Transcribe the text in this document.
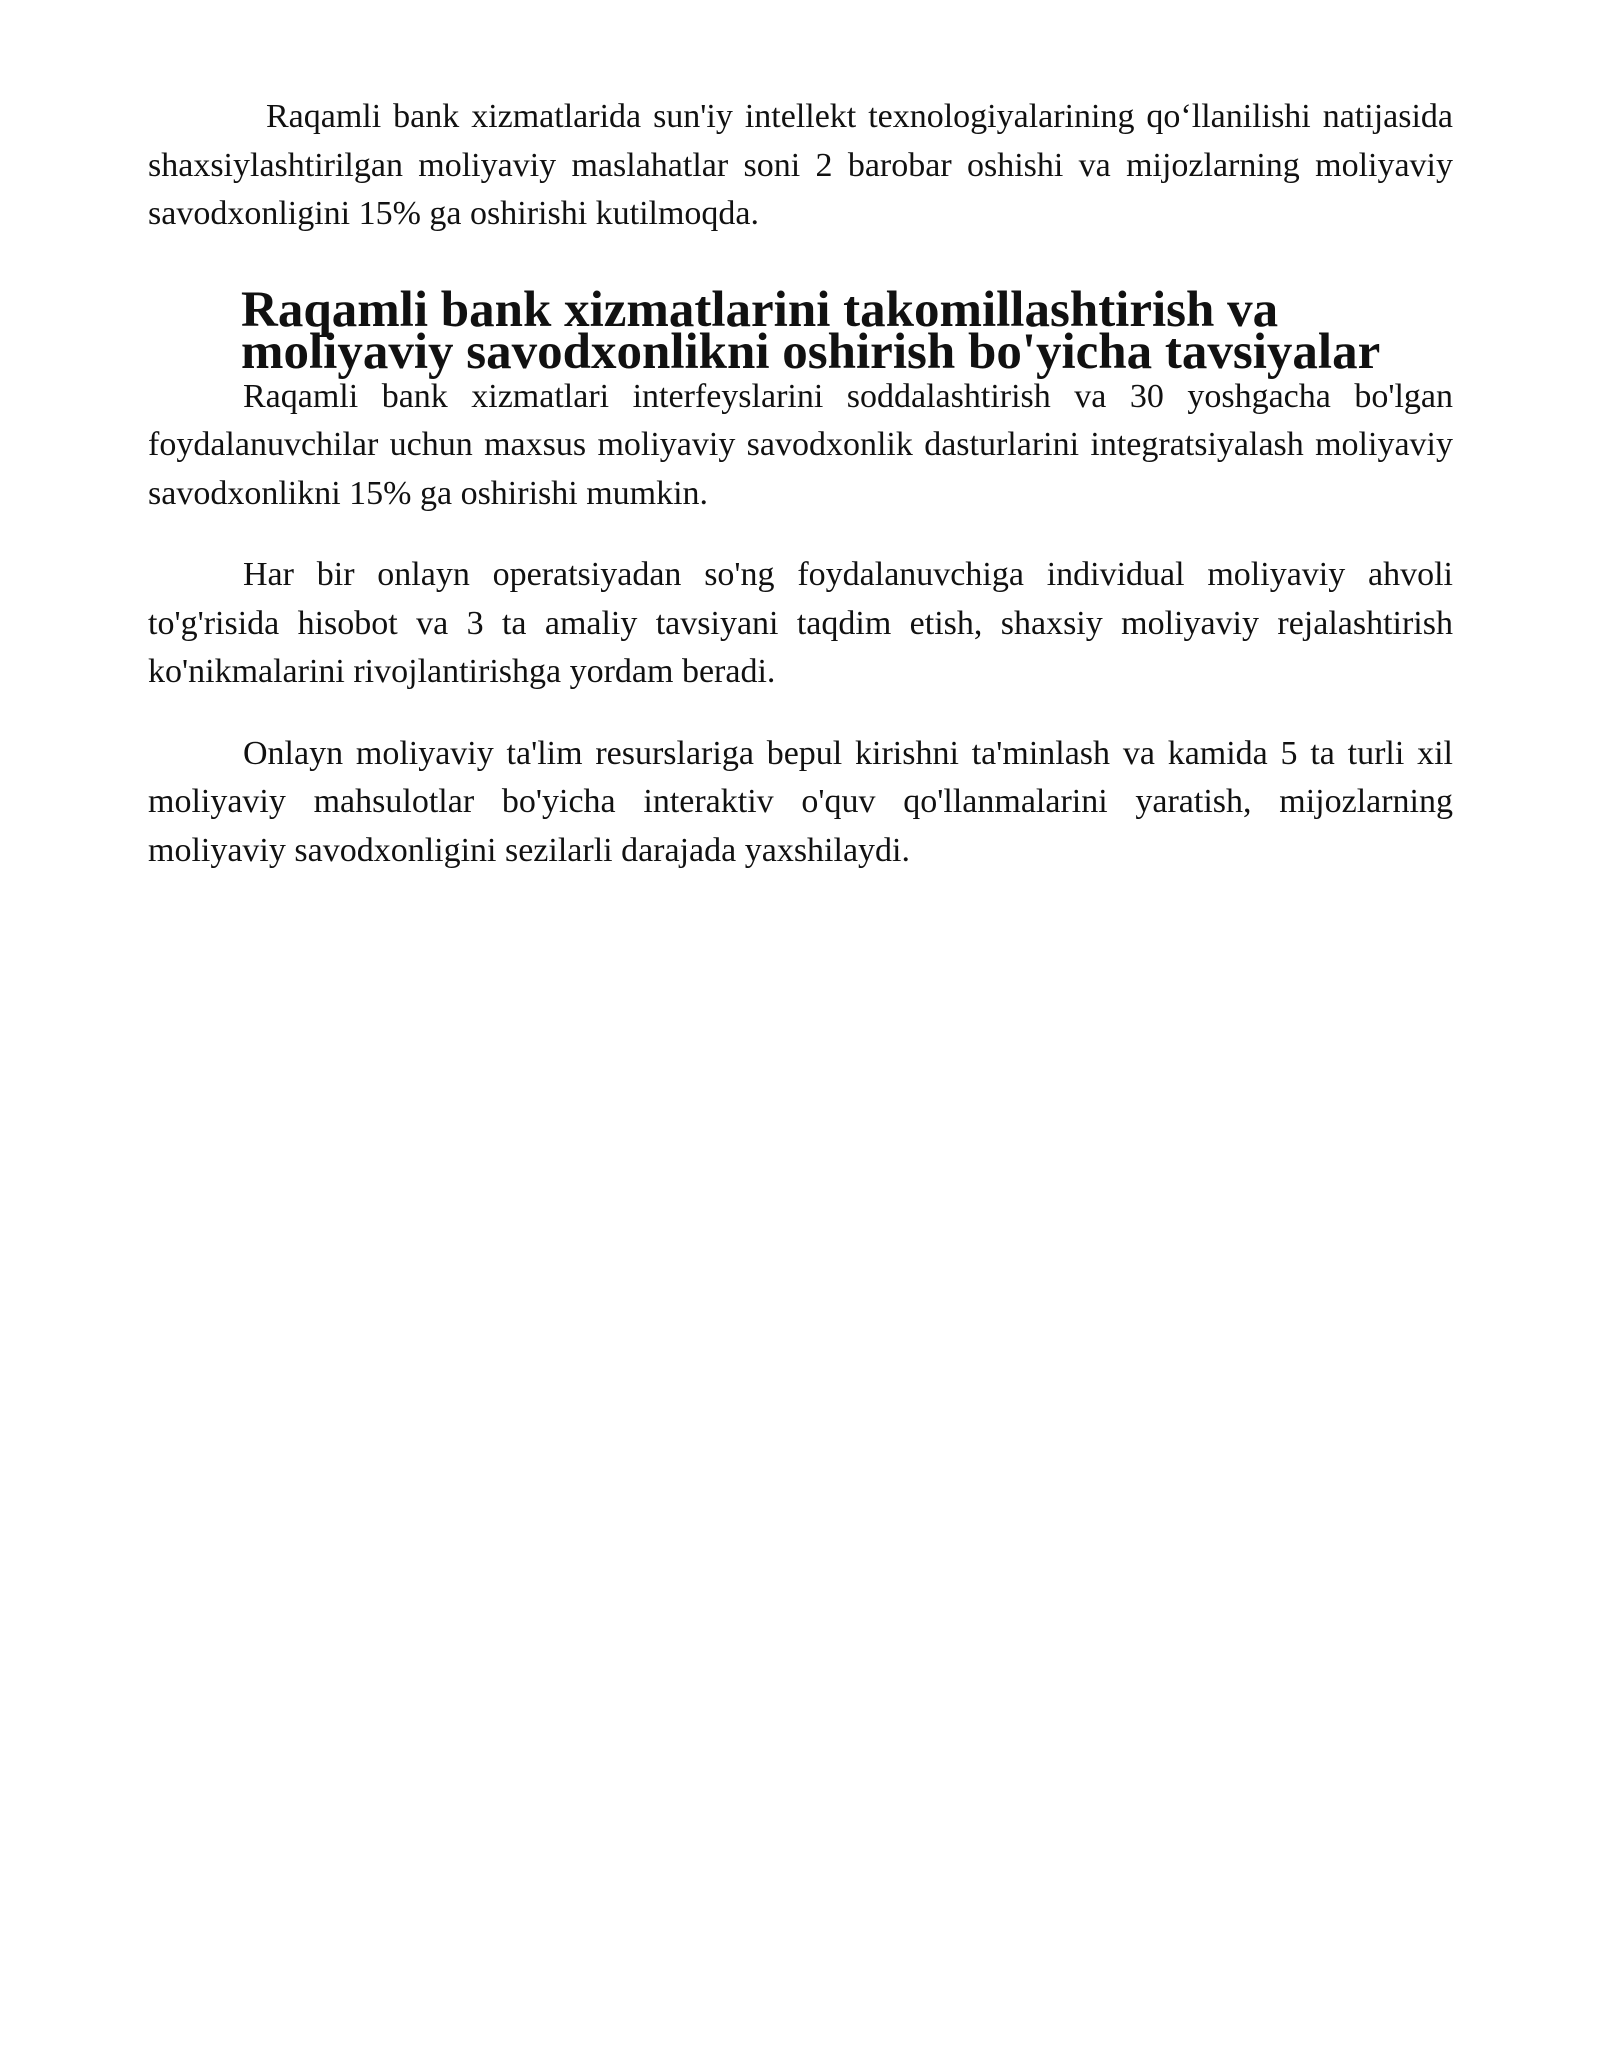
Raqamli bank xizmatlarida sun'iy intellekt texnologiyalarining qo‘llanilishi natijasida shaxsiylashtirilgan moliyaviy maslahatlar soni 2 barobar oshishi va mijozlarning moliyaviy savodxonligini 15% ga oshirishi kutilmoqda.

Raqamli bank xizmatlarini takomillashtirish va moliyaviy savodxonlikni oshirish bo'yicha tavsiyalar

Raqamli bank xizmatlari interfeyslarini soddalashtirish va 30 yoshgacha bo'lgan foydalanuvchilar uchun maxsus moliyaviy savodxonlik dasturlarini integratsiyalash moliyaviy savodxonlikni 15% ga oshirishi mumkin.

Har bir onlayn operatsiyadan so'ng foydalanuvchiga individual moliyaviy ahvoli to'g'risida hisobot va 3 ta amaliy tavsiyani taqdim etish, shaxsiy moliyaviy rejalashtirish ko'nikmalarini rivojlantirishga yordam beradi.

Onlayn moliyaviy ta'lim resurslariga bepul kirishni ta'minlash va kamida 5 ta turli xil moliyaviy mahsulotlar bo'yicha interaktiv o'quv qo'llanmalarini yaratish, mijozlarning moliyaviy savodxonligini sezilarli darajada yaxshilaydi.
